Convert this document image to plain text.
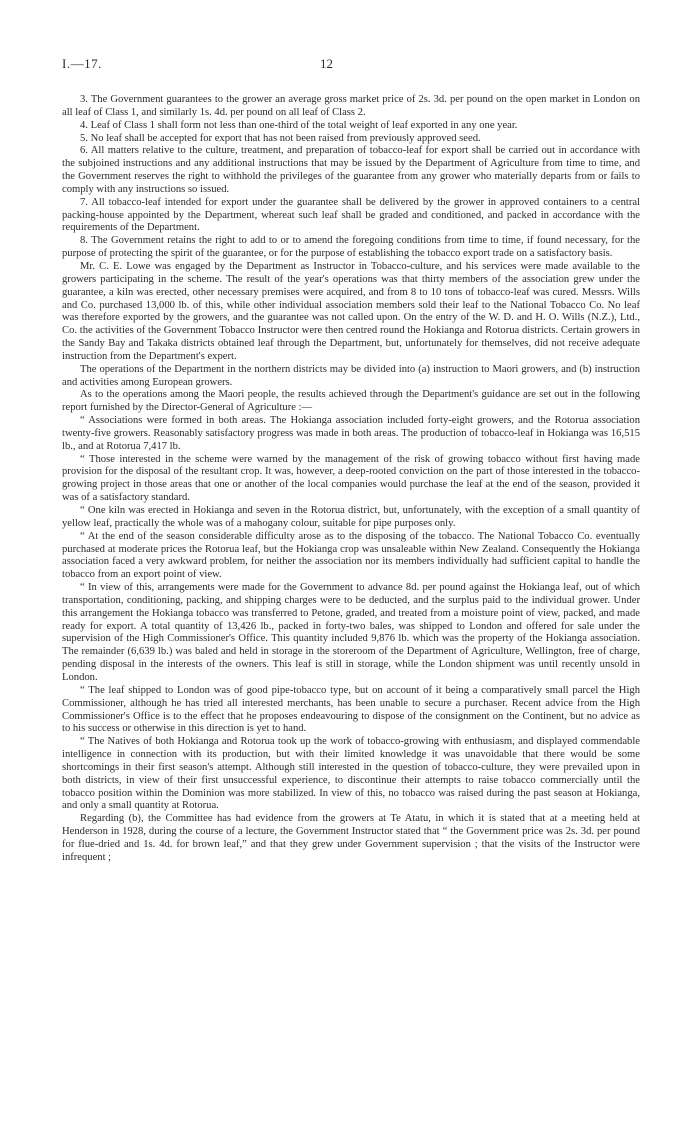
I.—17.	12

3. The Government guarantees to the grower an average gross market price of 2s. 3d. per pound on the open market in London on all leaf of Class 1, and similarly 1s. 4d. per pound on all leaf of Class 2.

4. Leaf of Class 1 shall form not less than one-third of the total weight of leaf exported in any one year.

5. No leaf shall be accepted for export that has not been raised from previously approved seed.

6. All matters relative to the culture, treatment, and preparation of tobacco-leaf for export shall be carried out in accordance with the subjoined instructions and any additional instructions that may be issued by the Department of Agriculture from time to time, and the Government reserves the right to withhold the privileges of the guarantee from any grower who materially departs from or fails to comply with any instructions so issued.

7. All tobacco-leaf intended for export under the guarantee shall be delivered by the grower in approved containers to a central packing-house appointed by the Department, whereat such leaf shall be graded and conditioned, and packed in accordance with the requirements of the Department.

8. The Government retains the right to add to or to amend the foregoing conditions from time to time, if found necessary, for the purpose of protecting the spirit of the guarantee, or for the purpose of establishing the tobacco export trade on a satisfactory basis.

Mr. C. E. Lowe was engaged by the Department as Instructor in Tobacco-culture, and his services were made available to the growers participating in the scheme. The result of the year's operations was that thirty members of the association grew under the guarantee, a kiln was erected, other necessary premises were acquired, and from 8 to 10 tons of tobacco-leaf was cured. Messrs. Wills and Co. purchased 13,000 lb. of this, while other individual association members sold their leaf to the National Tobacco Co. No leaf was therefore exported by the growers, and the guarantee was not called upon. On the entry of the W. D. and H. O. Wills (N.Z.), Ltd., Co. the activities of the Government Tobacco Instructor were then centred round the Hokianga and Rotorua districts. Certain growers in the Sandy Bay and Takaka districts obtained leaf through the Department, but, unfortunately for themselves, did not receive adequate instruction from the Department's expert.

The operations of the Department in the northern districts may be divided into (a) instruction to Maori growers, and (b) instruction and activities among European growers.

As to the operations among the Maori people, the results achieved through the Department's guidance are set out in the following report furnished by the Director-General of Agriculture :—

“ Associations were formed in both areas. The Hokianga association included forty-eight growers, and the Rotorua association twenty-five growers. Reasonably satisfactory progress was made in both areas. The production of tobacco-leaf in Hokianga was 16,515 lb., and at Rotorua 7,417 lb.

“ Those interested in the scheme were warned by the management of the risk of growing tobacco without first having made provision for the disposal of the resultant crop. It was, however, a deep-rooted conviction on the part of those interested in the tobacco-growing project in those areas that one or another of the local companies would purchase the leaf at the end of the season, provided it was of a satisfactory standard.

“ One kiln was erected in Hokianga and seven in the Rotorua district, but, unfortunately, with the exception of a small quantity of yellow leaf, practically the whole was of a mahogany colour, suitable for pipe purposes only.

“ At the end of the season considerable difficulty arose as to the disposing of the tobacco. The National Tobacco Co. eventually purchased at moderate prices the Rotorua leaf, but the Hokianga crop was unsaleable within New Zealand. Consequently the Hokianga association faced a very awkward problem, for neither the association nor its members individually had sufficient capital to handle the tobacco from an export point of view.

“ In view of this, arrangements were made for the Government to advance 8d. per pound against the Hokianga leaf, out of which transportation, conditioning, packing, and shipping charges were to be deducted, and the surplus paid to the individual grower. Under this arrangement the Hokianga tobacco was transferred to Petone, graded, and treated from a moisture point of view, packed, and made ready for export. A total quantity of 13,426 lb., packed in forty-two bales, was shipped to London and offered for sale under the supervision of the High Commissioner's Office. This quantity included 9,876 lb. which was the property of the Hokianga association. The remainder (6,639 lb.) was baled and held in storage in the storeroom of the Department of Agriculture, Wellington, free of charge, pending disposal in the interests of the owners. This leaf is still in storage, while the London shipment was until recently unsold in London.

“ The leaf shipped to London was of good pipe-tobacco type, but on account of it being a comparatively small parcel the High Commissioner, although he has tried all interested merchants, has been unable to secure a purchaser. Recent advice from the High Commissioner's Office is to the effect that he proposes endeavouring to dispose of the consignment on the Continent, but no advice as to his success or otherwise in this direction is yet to hand.

“ The Natives of both Hokianga and Rotorua took up the work of tobacco-growing with enthusiasm, and displayed commendable intelligence in connection with its production, but with their limited knowledge it was unavoidable that there would be some shortcomings in their first season's attempt. Although still interested in the question of tobacco-culture, they were prevailed upon in both districts, in view of their first unsuccessful experience, to discontinue their attempts to raise tobacco commercially until the tobacco position within the Dominion was more stabilized. In view of this, no tobacco was raised during the past season at Hokianga, and only a small quantity at Rotorua.

Regarding (b), the Committee has had evidence from the growers at Te Atatu, in which it is stated that at a meeting held at Henderson in 1928, during the course of a lecture, the Government Instructor stated that “ the Government price was 2s. 3d. per pound for flue-dried and 1s. 4d. for brown leaf,” and that they grew under Government supervision ; that the visits of the Instructor were infrequent ;
